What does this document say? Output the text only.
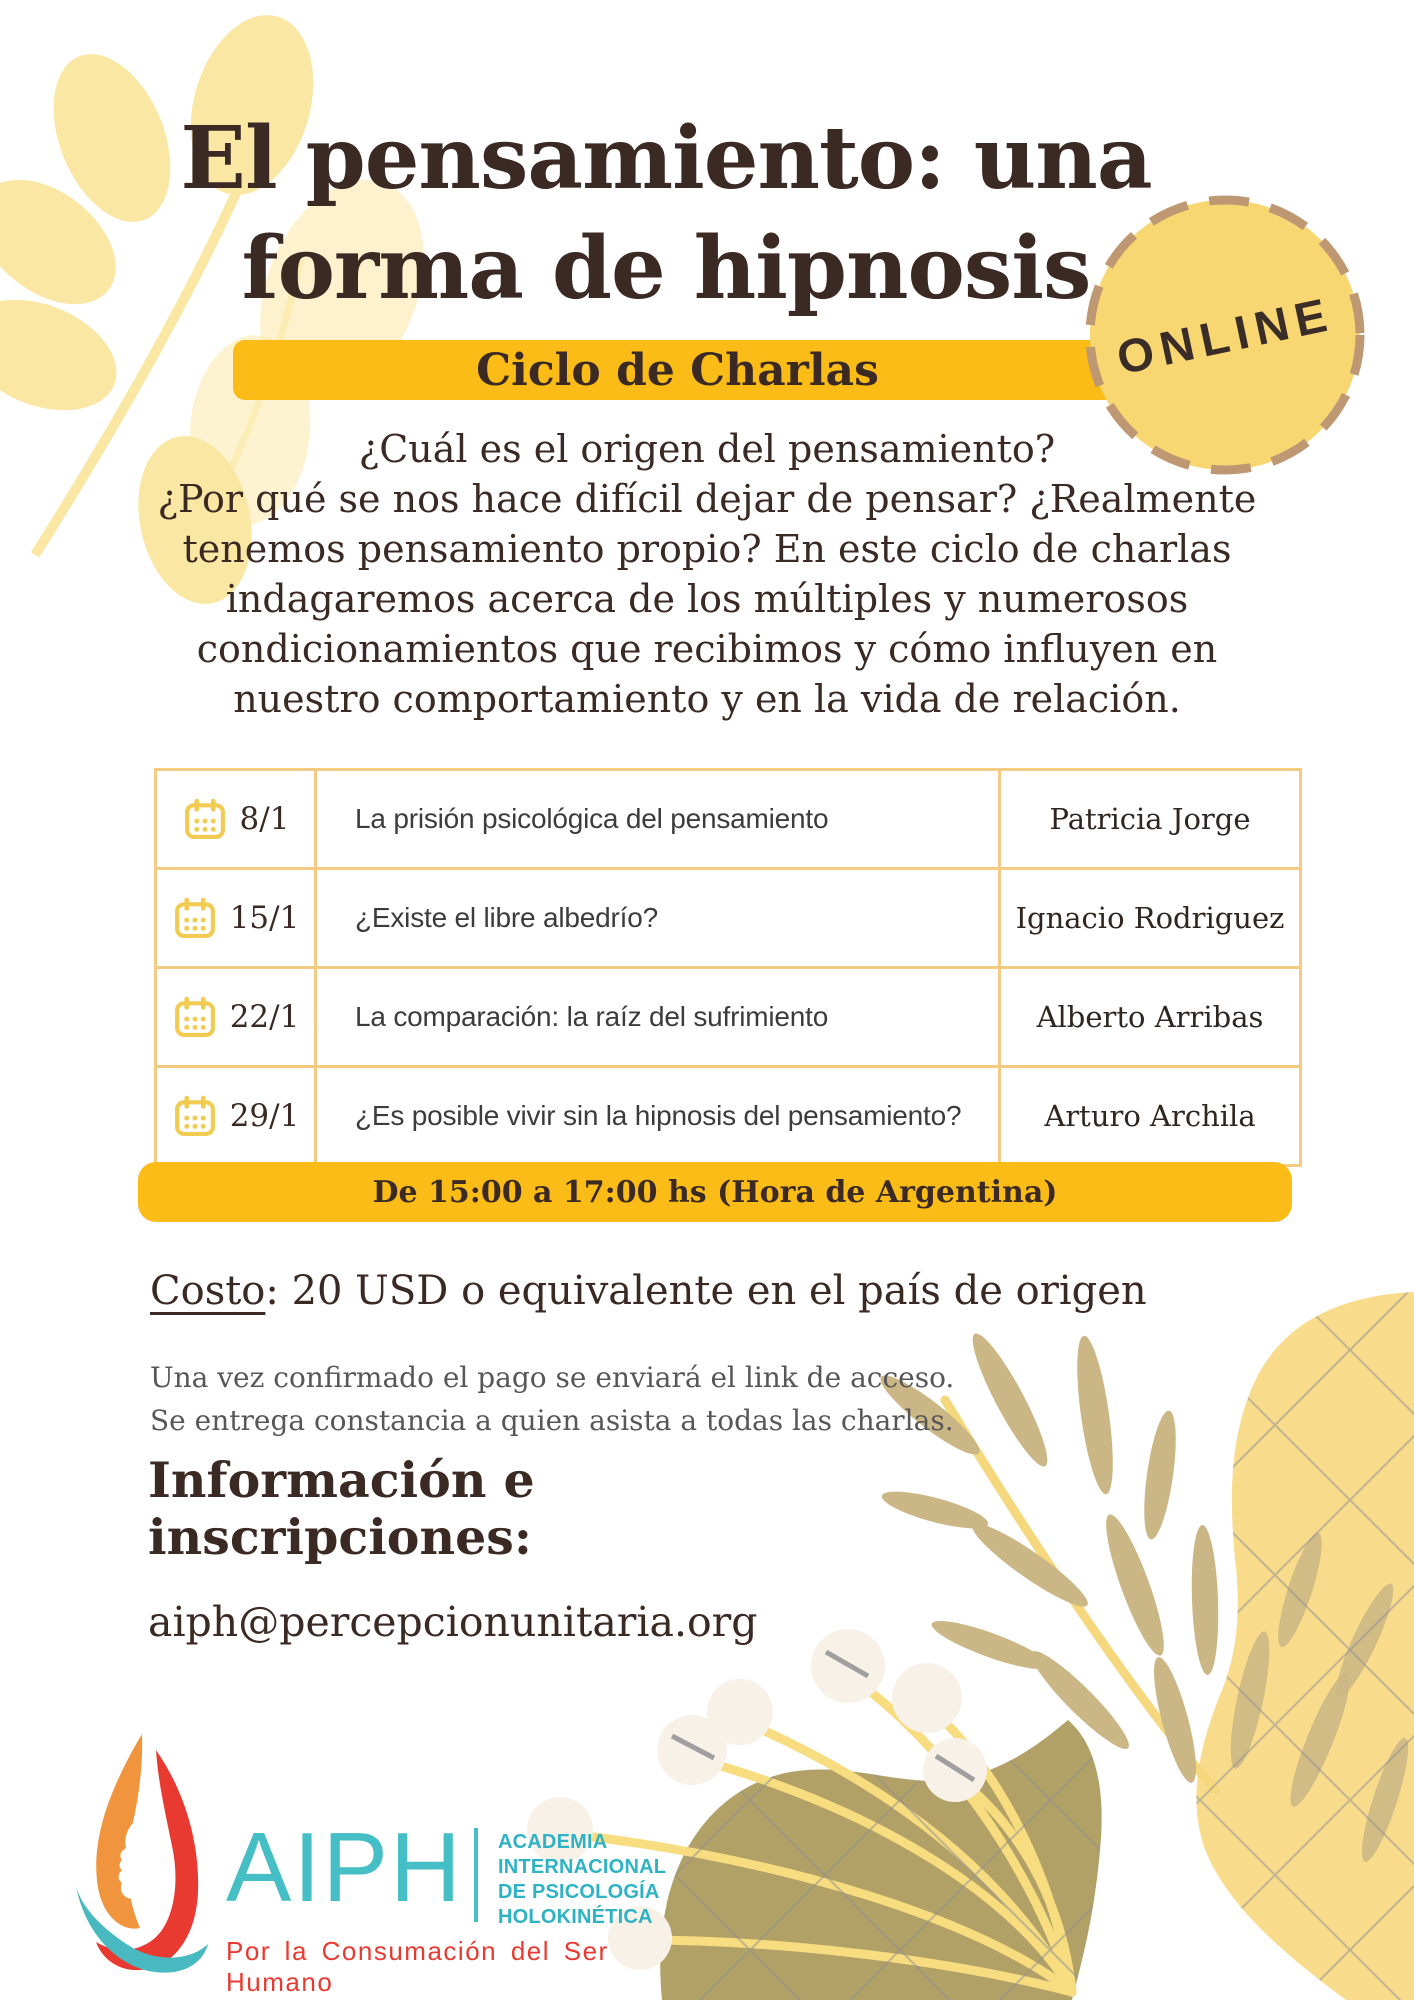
El pensamiento: una
forma de hipnosis
Ciclo de Charlas	ONLINE
¿Cuál es el origen del pensamiento?
¿Por qué se nos hace difícil dejar de pensar? ¿Realmente
tenemos pensamiento propio? En este ciclo de charlas
indagaremos acerca de los múltiples y numerosos
condicionamientos que recibimos y cómo influyen en
nuestro comportamiento y en la vida de relación.
8/1	La prisión psicológica del pensamiento	Patricia Jorge
15/1	¿Existe el libre albedrío?	Ignacio Rodriguez
22/1	La comparación: la raíz del sufrimiento	Alberto Arribas
29/1	¿Es posible vivir sin la hipnosis del pensamiento?	Arturo Archila
De 15:00 a 17:00 hs (Hora de Argentina)
Costo: 20 USD o equivalente en el país de origen
Una vez confirmado el pago se enviará el link de acceso.
Se entrega constancia a quien asista a todas las charlas.
Información e
inscripciones:
aiph@percepcionunitaria.org
AIPH ACADEMIA
INTERNACIONAL
DE PSICOLOGÍA
HOLOKINÉTICA
Por la Consumación del Ser Humano
